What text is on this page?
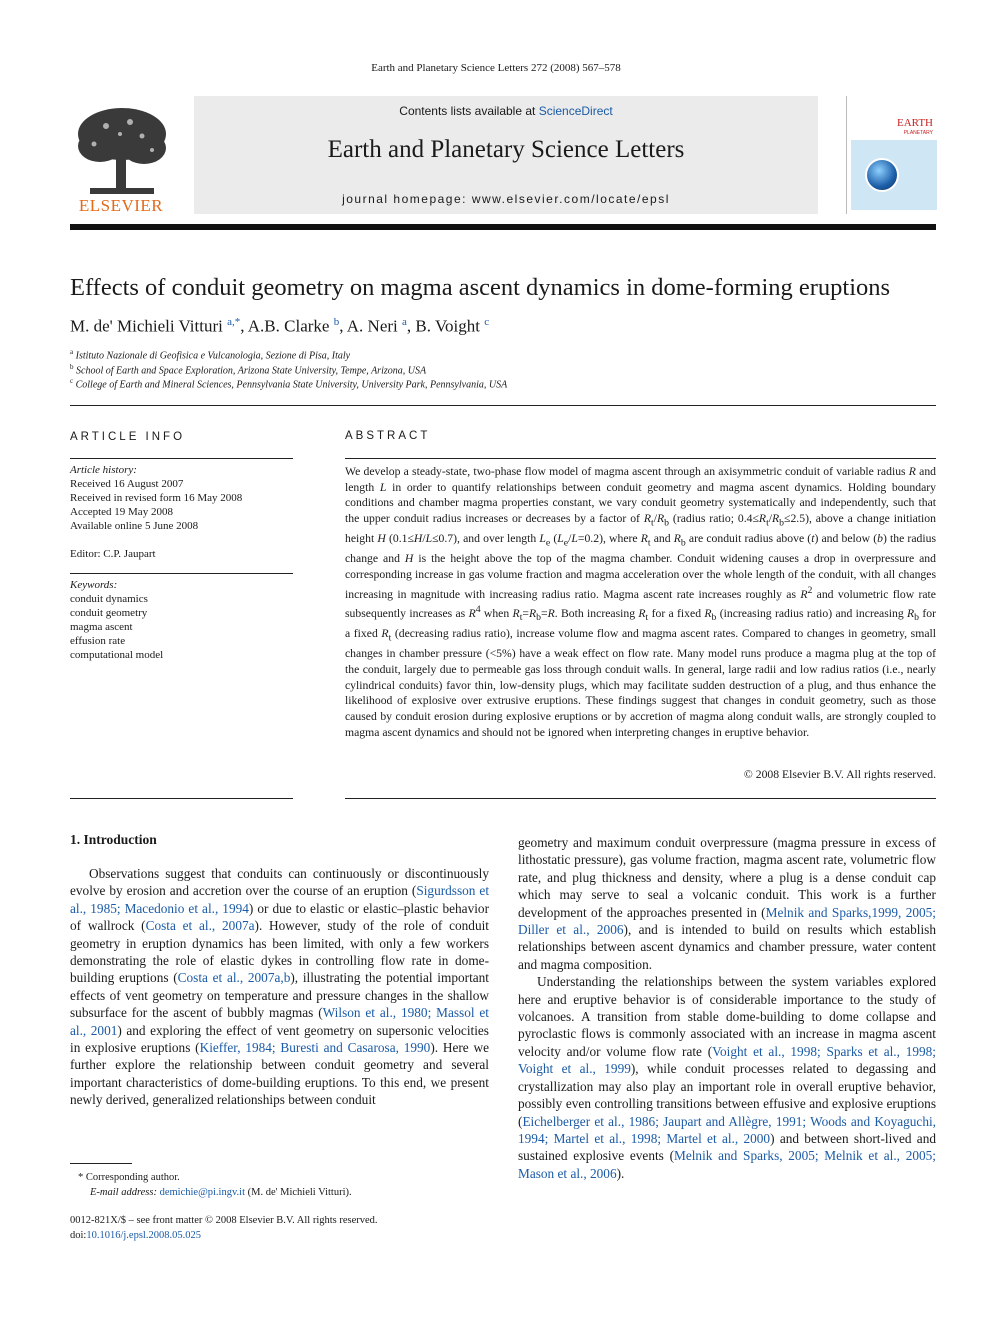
Earth and Planetary Science Letters 272 (2008) 567–578
ELSEVIER
Contents lists available at ScienceDirect
Earth and Planetary Science Letters
journal homepage: www.elsevier.com/locate/epsl
EARTH
PLANETARY
Effects of conduit geometry on magma ascent dynamics in dome-forming eruptions
M. de' Michieli Vitturi $^{a,*}$, A.B. Clarke $^b$, A. Neri $^a$, B. Voight $^c$
$^a$ Istituto Nazionale di Geofisica e Vulcanologia, Sezione di Pisa, Italy
$^b$ School of Earth and Space Exploration, Arizona State University, Tempe, Arizona, USA
$^c$ College of Earth and Mineral Sciences, Pennsylvania State University, University Park, Pennsylvania, USA
ARTICLE INFO
Article history:
Received 16 August 2007
Received in revised form 16 May 2008
Accepted 19 May 2008
Available online 5 June 2008
Editor: C.P. Jaupart
Keywords:
conduit dynamics
conduit geometry
magma ascent
effusion rate
computational model
ABSTRACT
We develop a steady-state, two-phase flow model of magma ascent through an axisymmetric conduit of variable radius R and length L in order to quantify relationships between conduit geometry and magma ascent dynamics. Holding boundary conditions and chamber magma properties constant, we vary conduit geometry systematically and independently, such that the upper conduit radius increases or decreases by a factor of $R_t/R_b$ (radius ratio; $0.4\le R_t/R_b\le 2.5$), above a change initiation height H (0.1≤H/L≤0.7), and over length $L_e$ $(L_e/L=0.2)$, where $R_t$ and $R_b$ are conduit radius above (t) and below (b) the radius change and H is the height above the top of the magma chamber. Conduit widening causes a drop in overpressure and corresponding increase in gas volume fraction and magma acceleration over the whole length of the conduit, with all changes increasing in magnitude with increasing radius ratio. Magma ascent rate increases roughly as $R^2$ and volumetric flow rate subsequently increases as $R^4$ when $R_t=R_b=R$. Both increasing $R_t$ for a fixed $R_b$ (increasing radius ratio) and increasing $R_b$ for a fixed $R_t$ (decreasing radius ratio), increase volume flow and magma ascent rates. Compared to changes in geometry, small changes in chamber pressure (<5%) have a weak effect on flow rate. Many model runs produce a magma plug at the top of the conduit, largely due to permeable gas loss through conduit walls. In general, large radii and low radius ratios (i.e., nearly cylindrical conduits) favor thin, low-density plugs, which may facilitate sudden destruction of a plug, and thus enhance the likelihood of explosive over extrusive eruptions. These findings suggest that changes in conduit geometry, such as those caused by conduit erosion during explosive eruptions or by accretion of magma along conduit walls, are strongly coupled to magma ascent dynamics and should not be ignored when interpreting changes in eruptive behavior.
© 2008 Elsevier B.V. All rights reserved.
1. Introduction
Observations suggest that conduits can continuously or discontinuously evolve by erosion and accretion over the course of an eruption (Sigurdsson et al., 1985; Macedonio et al., 1994) or due to elastic or elastic–plastic behavior of wallrock (Costa et al., 2007a). However, study of the role of conduit geometry in eruption dynamics has been limited, with only a few workers demonstrating the role of elastic dykes in controlling flow rate in dome-building eruptions (Costa et al., 2007a,b), illustrating the potential important effects of vent geometry on temperature and pressure changes in the shallow subsurface for the ascent of bubbly magmas (Wilson et al., 1980; Massol et al., 2001) and exploring the effect of vent geometry on supersonic velocities in explosive eruptions (Kieffer, 1984; Buresti and Casarosa, 1990). Here we further explore the relationship between conduit geometry and several important characteristics of dome-building eruptions. To this end, we present newly derived, generalized relationships between conduit

geometry and maximum conduit overpressure (magma pressure in excess of lithostatic pressure), gas volume fraction, magma ascent rate, volumetric flow rate, and plug thickness and density, where a plug is a dense conduit cap which may serve to seal a volcanic conduit. This work is a further development of the approaches presented in (Melnik and Sparks,1999, 2005; Diller et al., 2006), and is intended to build on results which establish relationships between ascent dynamics and chamber pressure, water content and magma composition.

Understanding the relationships between the system variables explored here and eruptive behavior is of considerable importance to the study of volcanoes. A transition from stable dome-building to dome collapse and pyroclastic flows is commonly associated with an increase in magma ascent velocity and/or volume flow rate (Voight et al., 1998; Sparks et al., 1998; Voight et al., 1999), while conduit processes related to degassing and crystallization may also play an important role in overall eruptive behavior, possibly even controlling transitions between effusive and explosive eruptions (Eichelberger et al., 1986; Jaupart and Allègre, 1991; Woods and Koyaguchi, 1994; Martel et al., 1998; Martel et al., 2000) and between short-lived and sustained explosive events (Melnik and Sparks, 2005; Melnik et al., 2005; Mason et al., 2006).

* Corresponding author.
E-mail address: demichie@pi.ingv.it (M. de' Michieli Vitturi).
0012-821X/$ – see front matter © 2008 Elsevier B.V. All rights reserved.
doi:10.1016/j.epsl.2008.05.025
